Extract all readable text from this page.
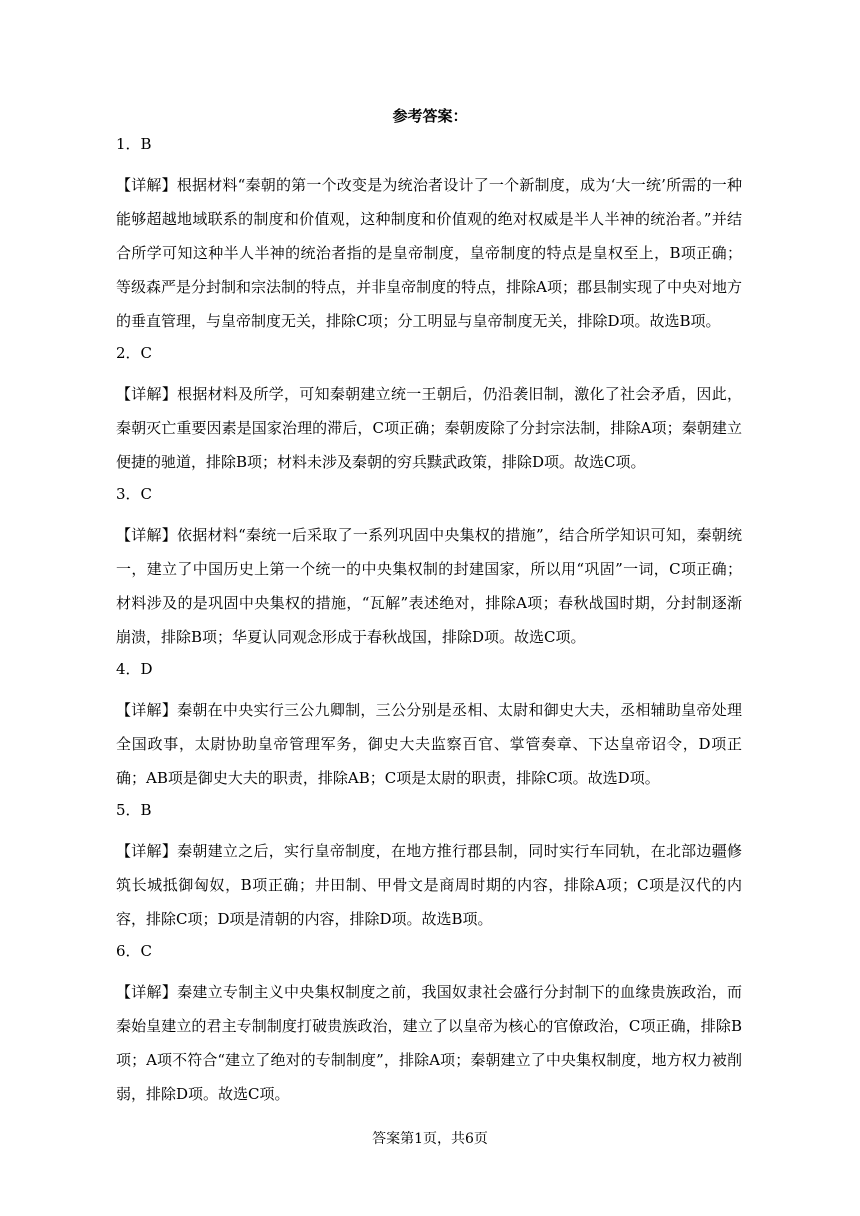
参考答案：
1．B
【详解】根据材料“秦朝的第一个改变是为统治者设计了一个新制度，成为‘大一统’所需的一种能够超越地域联系的制度和价值观，这种制度和价值观的绝对权威是半人半神的统治者。”并结合所学可知这种半人半神的统治者指的是皇帝制度，皇帝制度的特点是皇权至上，B项正确；等级森严是分封制和宗法制的特点，并非皇帝制度的特点，排除A项；郡县制实现了中央对地方的垂直管理，与皇帝制度无关，排除C项；分工明显与皇帝制度无关，排除D项。故选B项。
2．C
【详解】根据材料及所学，可知秦朝建立统一王朝后，仍沿袭旧制，激化了社会矛盾，因此，秦朝灭亡重要因素是国家治理的滞后，C项正确；秦朝废除了分封宗法制，排除A项；秦朝建立便捷的驰道，排除B项；材料未涉及秦朝的穷兵黩武政策，排除D项。故选C项。
3．C
【详解】依据材料“秦统一后采取了一系列巩固中央集权的措施”，结合所学知识可知，秦朝统一，建立了中国历史上第一个统一的中央集权制的封建国家，所以用“巩固”一词，C项正确；材料涉及的是巩固中央集权的措施，“瓦解”表述绝对，排除A项；春秋战国时期，分封制逐渐崩溃，排除B项；华夏认同观念形成于春秋战国，排除D项。故选C项。
4．D
【详解】秦朝在中央实行三公九卿制，三公分别是丞相、太尉和御史大夫，丞相辅助皇帝处理全国政事，太尉协助皇帝管理军务，御史大夫监察百官、掌管奏章、下达皇帝诏令，D项正确；AB项是御史大夫的职责，排除AB；C项是太尉的职责，排除C项。故选D项。
5．B
【详解】秦朝建立之后，实行皇帝制度，在地方推行郡县制，同时实行车同轨，在北部边疆修筑长城抵御匈奴，B项正确；井田制、甲骨文是商周时期的内容，排除A项；C项是汉代的内容，排除C项；D项是清朝的内容，排除D项。故选B项。
6．C
【详解】秦建立专制主义中央集权制度之前，我国奴隶社会盛行分封制下的血缘贵族政治，而秦始皇建立的君主专制制度打破贵族政治，建立了以皇帝为核心的官僚政治，C项正确，排除B项；A项不符合“建立了绝对的专制制度”，排除A项；秦朝建立了中央集权制度，地方权力被削弱，排除D项。故选C项。
答案第1页，共6页
